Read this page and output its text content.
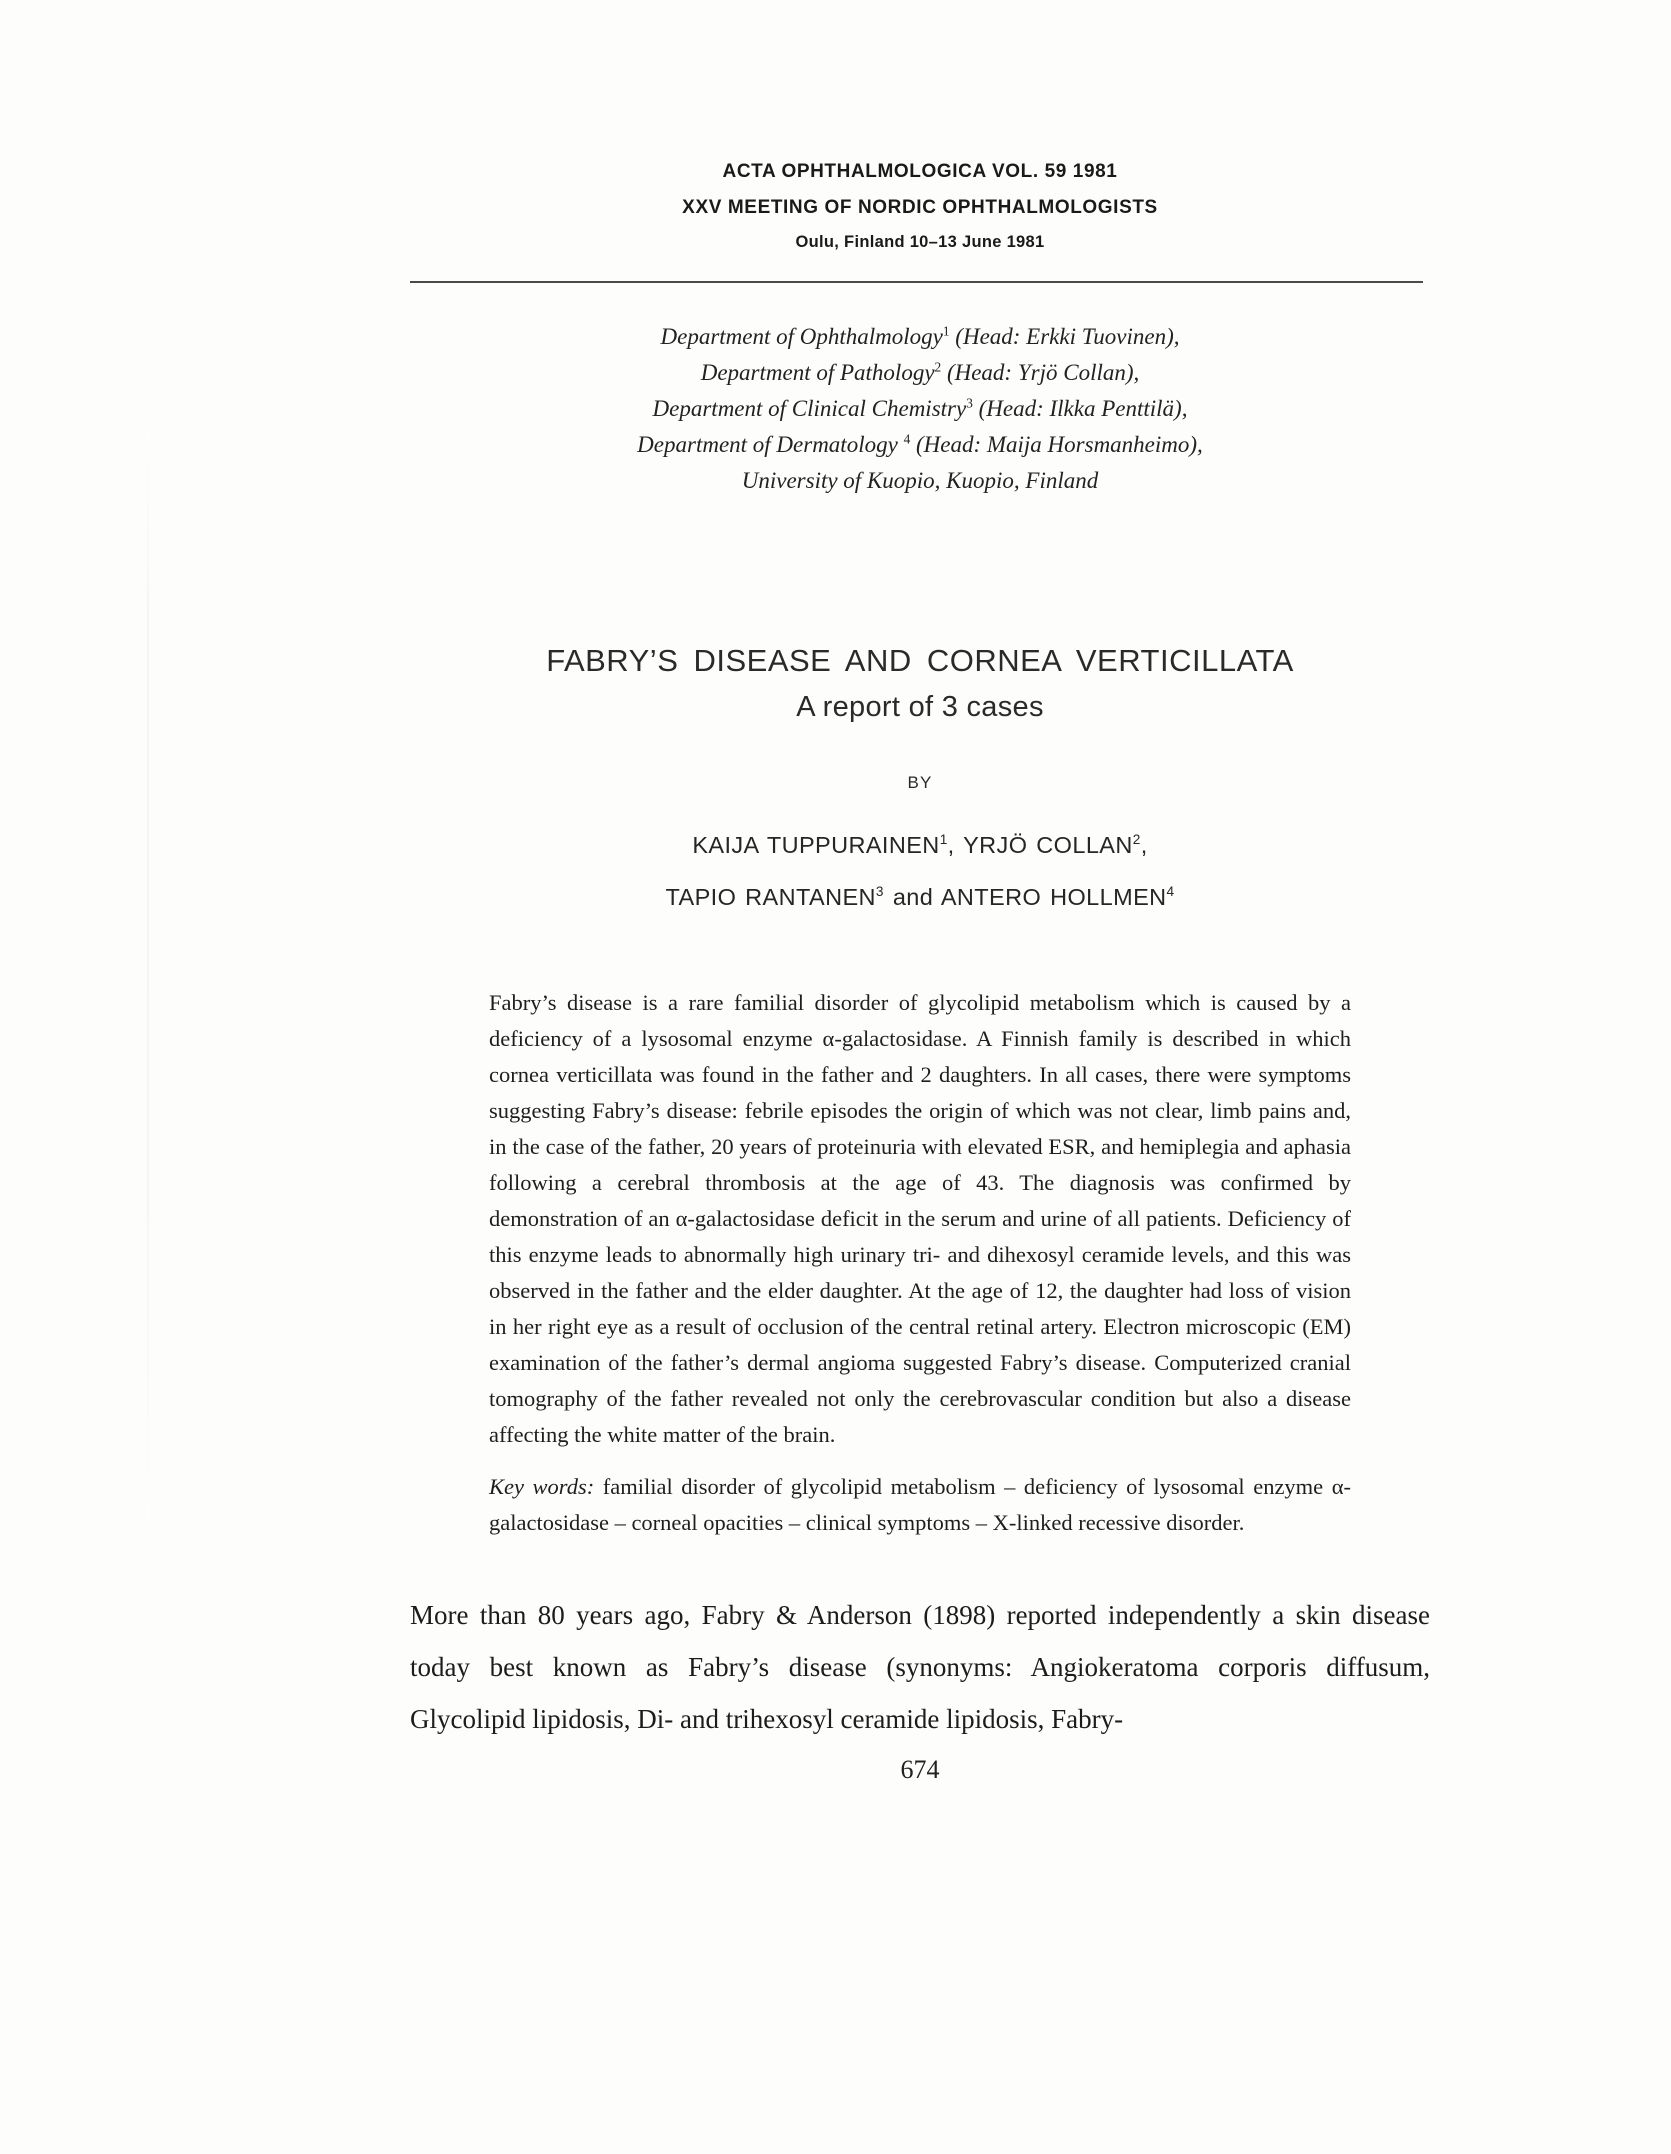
ACTA OPHTHALMOLOGICA VOL. 59 1981
XXV MEETING OF NORDIC OPHTHALMOLOGISTS
Oulu, Finland 10–13 June 1981
Department of Ophthalmology$^1$ (Head: Erkki Tuovinen),
Department of Pathology$^2$ (Head: Yrjö Collan),
Department of Clinical Chemistry$^3$ (Head: Ilkka Penttilä),
Department of Dermatology $^4$ (Head: Maija Horsmanheimo),
University of Kuopio, Kuopio, Finland
FABRY’S DISEASE AND CORNEA VERTICILLATA
A report of 3 cases
BY
KAIJA TUPPURAINEN$^1$, YRJÖ COLLAN$^2$,
TAPIO RANTANEN$^3$ and ANTERO HOLLMEN$^4$
Fabry’s disease is a rare familial disorder of glycolipid metabolism which is caused by a deficiency of a lysosomal enzyme α-galactosidase. A Finnish family is described in which cornea verticillata was found in the father and 2 daughters. In all cases, there were symptoms suggesting Fabry’s disease: febrile episodes the origin of which was not clear, limb pains and, in the case of the father, 20 years of proteinuria with elevated ESR, and hemiplegia and aphasia following a cerebral thrombosis at the age of 43. The diagnosis was confirmed by demonstration of an α-galactosidase deficit in the serum and urine of all patients. Deficiency of this enzyme leads to abnormally high urinary tri- and dihexosyl ceramide levels, and this was observed in the father and the elder daughter. At the age of 12, the daughter had loss of vision in her right eye as a result of occlusion of the central retinal artery. Electron microscopic (EM) examination of the father’s dermal angioma suggested Fabry’s disease. Computerized cranial tomography of the father revealed not only the cerebrovascular condition but also a disease affecting the white matter of the brain.
Key words: familial disorder of glycolipid metabolism – deficiency of lysosomal enzyme α-galactosidase – corneal opacities – clinical symptoms – X-linked recessive disorder.
More than 80 years ago, Fabry & Anderson (1898) reported independently a skin disease today best known as Fabry’s disease (synonyms: Angiokeratoma corporis diffusum, Glycolipid lipidosis, Di- and trihexosyl ceramide lipidosis, Fabry-
674
